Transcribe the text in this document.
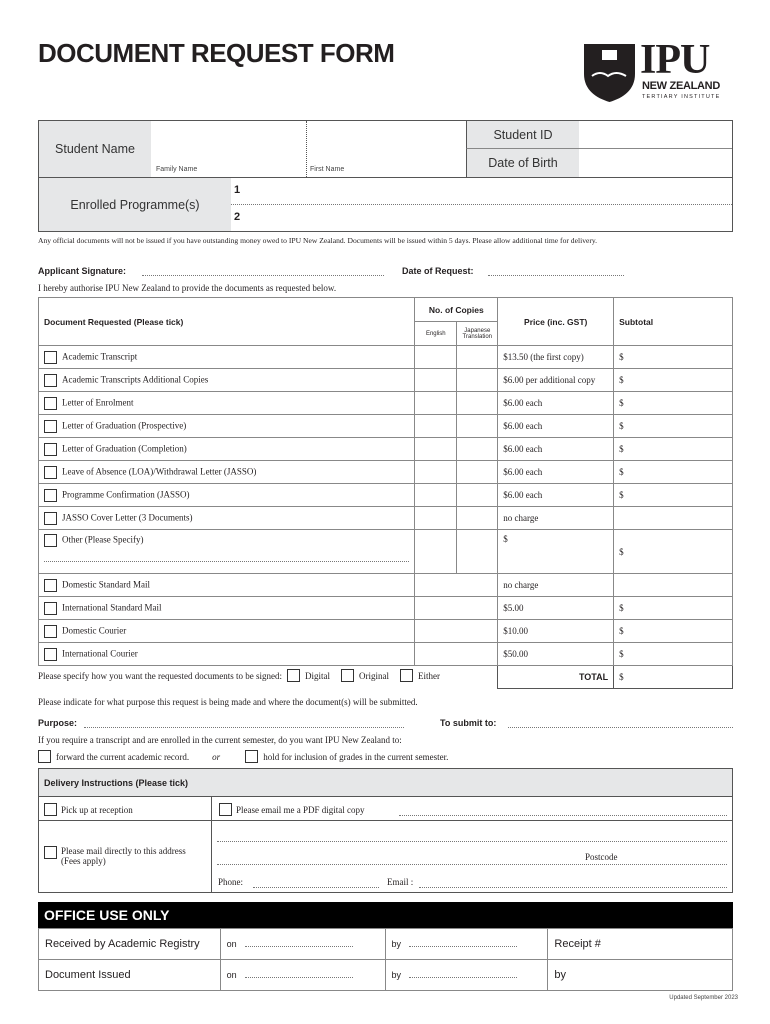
DOCUMENT REQUEST FORM	IPU
NEW ZEALAND
TERTIARY INSTITUTE
Student Name
Family Name	First Name
Student ID
Date of Birth
Enrolled Programme(s)
1
2
Any official documents will not be issued if you have outstanding money owed to IPU New Zealand. Documents will be issued within 5 days. Please allow additional time for delivery.
Applicant Signature:	Date of Request:
I hereby authorise IPU New Zealand to provide the documents as requested below.
Document Requested (Please tick)	No. of Copies		Price (inc. GST)	Subtotal
	English	Japanese Translation		
Academic Transcript			$13.50 (the first copy)	$
Academic Transcripts Additional Copies			$6.00 per additional copy	$
Letter of Enrolment			$6.00 each	$
Letter of Graduation (Prospective)			$6.00 each	$
Letter of Graduation (Completion)			$6.00 each	$
Leave of Absence (LOA)/Withdrawal Letter (JASSO)			$6.00 each	$
Programme Confirmation (JASSO)			$6.00 each	$
JASSO Cover Letter (3 Documents)			no charge	
Other (Please Specify)			$	$
Domestic Standard Mail			no charge	
International Standard Mail			$5.00	$
Domestic Courier			$10.00	$
International Courier			$50.00	$
			TOTAL	$
Please specify how you want the requested documents to be signed:	Digital	Original	Either
Please indicate for what purpose this request is being made and where the document(s) will be submitted.
Purpose:	To submit to:
If you require a transcript and are enrolled in the current semester, do you want IPU New Zealand to:
forward the current academic record.	or	hold for inclusion of grades in the current semester.
Delivery Instructions (Please tick)
Pick up at reception	Please email me a PDF digital copy
Please mail directly to this address
(Fees apply)	Postcode
Phone:	Email :
OFFICE USE ONLY
Received by Academic Registry	on	by	Receipt #
Document Issued	on	by	by
Updated September 2023
